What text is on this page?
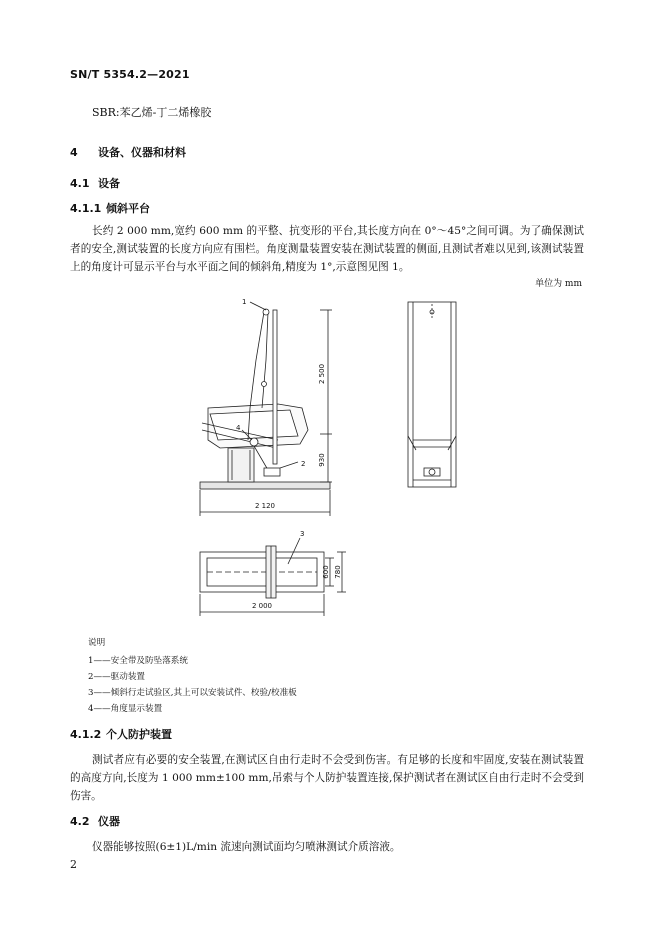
SN/T 5354.2—2021
SBR:苯乙烯-丁二烯橡胶
4 设备、仪器和材料
4.1 设备
4.1.1 倾斜平台

长约 2 000 mm,宽约 600 mm 的平整、抗变形的平台,其长度方向在 0°～45°之间可调。为了确保测试者的安全,测试装置的长度方向应有围栏。角度测量装置安装在测试装置的侧面,且测试者难以见到,该测试装置上的角度计可显示平台与水平面之间的倾斜角,精度为 1°,示意图见图 1。

单位为 mm
1
4
2
2 500
930
2 120
3
600 780
2 000
说明
1——安全带及防坠落系统
2——驱动装置
3——倾斜行走试验区,其上可以安装试件、校验/校准板
4——角度显示装置
4.1.2 个人防护装置

测试者应有必要的安全装置,在测试区自由行走时不会受到伤害。有足够的长度和牢固度,安装在测试装置的高度方向,长度为 1 000 mm±100 mm,吊索与个人防护装置连接,保护测试者在测试区自由行走时不会受到伤害。

4.2 仪器

仪器能够按照(6±1)L/min 流速向测试面均匀喷淋测试介质溶液。

2
